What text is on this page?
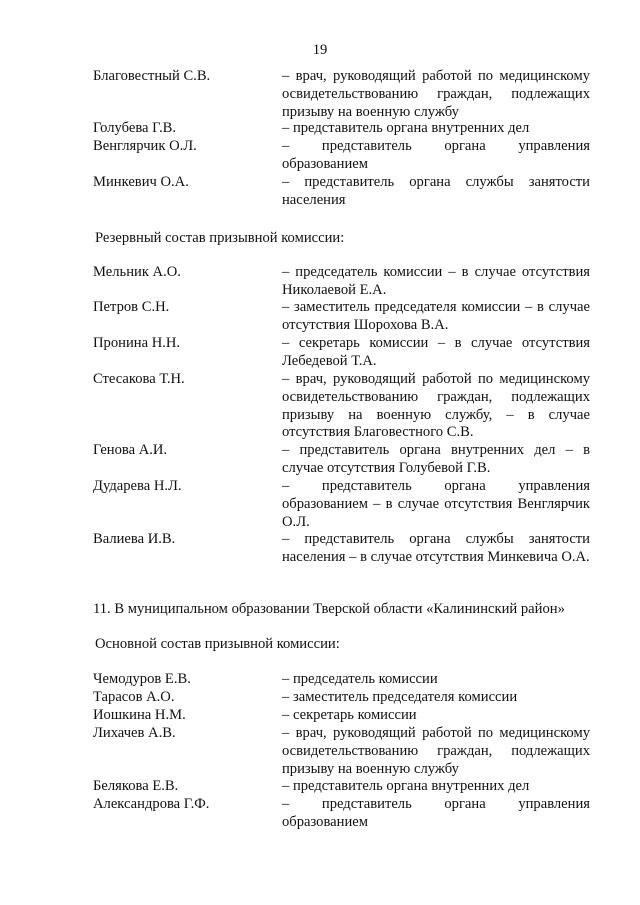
19
Благовестный С.В.	– врач, руководящий работой по медицинскому освидетельствованию граждан, подлежащих призыву на военную службу
Голубева Г.В.	– представитель органа внутренних дел
Венглярчик О.Л.	– представитель органа управления образованием
Минкевич О.А.	– представитель органа службы занятости населения
Резервный состав призывной комиссии:
Мельник А.О.	– председатель комиссии – в случае отсутствия Николаевой Е.А.
Петров С.Н.	– заместитель председателя комиссии – в случае отсутствия Шорохова В.А.
Пронина Н.Н.	– секретарь комиссии – в случае отсутствия Лебедевой Т.А.
Стесакова Т.Н.	– врач, руководящий работой по медицинскому освидетельствованию граждан, подлежащих призыву на военную службу, – в случае отсутствия Благовестного С.В.
Генова А.И.	– представитель органа внутренних дел – в случае отсутствия Голубевой Г.В.
Дударева Н.Л.	– представитель органа управления образованием – в случае отсутствия Венглярчик О.Л.
Валиева И.В.	– представитель органа службы занятости населения – в случае отсутствия Минкевича О.А.
11. В муниципальном образовании Тверской области «Калининский район»
Основной состав призывной комиссии:
Чемодуров Е.В.	– председатель комиссии
Тарасов А.О.	– заместитель председателя комиссии
Иошкина Н.М.	– секретарь комиссии
Лихачев А.В.	– врач, руководящий работой по медицинскому освидетельствованию граждан, подлежащих призыву на военную службу
Белякова Е.В.	– представитель органа внутренних дел
Александрова Г.Ф.	– представитель органа управления образованием
